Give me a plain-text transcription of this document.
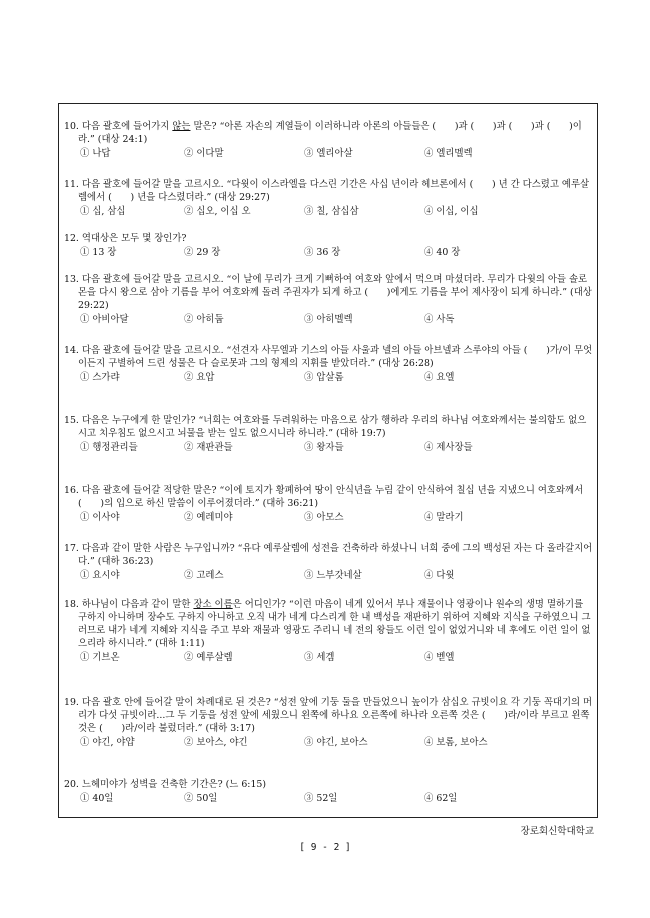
10. 다음 괄호에 들어가지 않는 말은? “아론 자손의 계열들이 이러하니라 아론의 아들들은 (　　)과 (　　)과 (　　)과 (　　)이라.” (대상 24:1)
① 나답	② 이다말	③ 엘리아살	④ 엘리멜렉
11. 다음 괄호에 들어갈 말을 고르시오. “다윗이 이스라엘을 다스린 기간은 사십 년이라 헤브론에서 (　　) 년 간 다스렸고 예루살렘에서 (　　) 년을 다스렸더라.” (대상 29:27)
① 십, 삼십	② 십오, 이십 오	③ 칠, 삼십삼	④ 이십, 이십
12. 역대상은 모두 몇 장인가?
① 13 장	② 29 장	③ 36 장	④ 40 장
13. 다음 괄호에 들어갈 말을 고르시오. “이 날에 무리가 크게 기뻐하여 여호와 앞에서 먹으며 마셨더라. 무리가 다윗의 아들 솔로몬을 다시 왕으로 삼아 기름을 부어 여호와께 돌려 주권자가 되게 하고 (　　)에게도 기름을 부어 제사장이 되게 하니라.” (대상 29:22)
① 아비아달	② 아히둡	③ 아히멜렉	④ 사독
14. 다음 괄호에 들어갈 말을 고르시오. “선견자 사무엘과 기스의 아들 사울과 넬의 아들 아브넬과 스루야의 아들 (　　)가/이 무엇이든지 구별하여 드린 성물은 다 슬로못과 그의 형제의 지휘를 받았더라.” (대상 26:28)
① 스가랴	② 요압	③ 압살롬	④ 요엘
15. 다음은 누구에게 한 말인가? “너희는 여호와를 두려워하는 마음으로 삼가 행하라 우리의 하나님 여호와께서는 불의함도 없으시고 치우침도 없으시고 뇌물을 받는 일도 없으시니라 하니라.” (대하 19:7)
① 행정관리들	② 재판관들	③ 왕자들	④ 제사장들
16. 다음 괄호에 들어갈 적당한 말은? “이에 토지가 황폐하여 땅이 안식년을 누림 같이 안식하여 칠십 년을 지냈으니 여호와께서 (　　)의 입으로 하신 말씀이 이루어졌더라.” (대하 36:21)
① 이사야	② 예레미야	③ 아모스	④ 말라기
17. 다음과 같이 말한 사람은 누구입니까? “유다 예루살렘에 성전을 건축하라 하셨나니 너희 중에 그의 백성된 자는 다 올라갈지어다.” (대하 36:23)
① 요시야	② 고레스	③ 느부갓네살	④ 다윗
18. 하나님이 다음과 같이 말한 장소 이름은 어디인가? “이런 마음이 네게 있어서 부나 재물이나 영광이나 원수의 생명 멸하기를 구하지 아니하며 장수도 구하지 아니하고 오직 내가 네게 다스리게 한 내 백성을 재판하기 위하여 지혜와 지식을 구하였으니 그러므로 내가 네게 지혜와 지식을 주고 부와 재물과 영광도 주리니 네 전의 왕들도 이런 일이 없었거니와 네 후에도 이런 일이 없으리라 하시니라.” (대하 1:11)
① 기브온	② 예루살렘	③ 세겜	④ 벧엘
19. 다음 괄호 안에 들어갈 말이 차례대로 된 것은? “성전 앞에 기둥 둘을 만들었으니 높이가 삼십오 규빗이요 각 기둥 꼭대기의 머리가 다섯 규빗이라...그 두 기둥을 성전 앞에 세웠으니 왼쪽에 하나요 오른쪽에 하나라 오른쪽 것은 (　　)라/이라 부르고 왼쪽 것은 (　　)라/이라 불렀더라.” (대하 3:17)
① 야긴, 야얍	② 보아스, 야긴	③ 야긴, 보아스	④ 보롬, 보아스
20. 느헤미야가 성벽을 건축한 기간은? (느 6:15)
① 40일	② 50일	③ 52일	④ 62일
장로회신학대학교
[ 9 - 2 ]
